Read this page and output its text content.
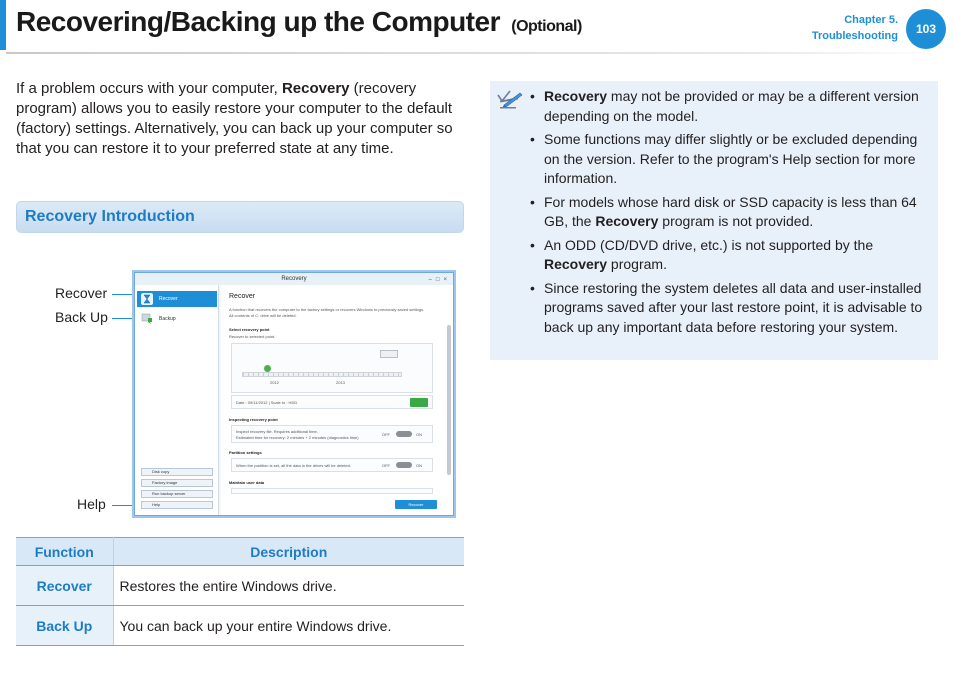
Recovering/Backing up the Computer (Optional)	Chapter 5.
Troubleshooting	103

If a problem occurs with your computer, Recovery (recovery program) allows you to easily restore your computer to the default (factory) settings. Alternatively, you can back up your computer so that you can restore it to your preferred state at any time.

Recovery Introduction
Recover
Back Up
Help
Recovery	–□×
Recover
Backup
Disk copy
Factory image
Run backup server
Help
Recover
A function that recovers the computer to the factory settings or recovers Windows to previously saved settings.
All contents of C: drive will be deleted.
Select recovery point
Recover to selected point.
2012	2013
Date : 09/11/2012 | Scale to : HDD
Inspecting recovery point
Inspect recovery file. Requires additional time.
Estimated time for recovery: 2 minutes + 2 minutes (diagnostics time)
OFF	ON
Partition settings
When the partition is set, all the data in the drives will be deleted.	OFF	ON
Maintain user data
Recover
Function	Description
Recover	Restores the entire Windows drive.
Back Up	You can back up your entire Windows drive.
• Recovery may not be provided or may be a different version depending on the model.
• Some functions may differ slightly or be excluded depending on the version. Refer to the program's Help section for more information.
• For models whose hard disk or SSD capacity is less than 64 GB, the Recovery program is not provided.
• An ODD (CD/DVD drive, etc.) is not supported by the Recovery program.
• Since restoring the system deletes all data and user-installed programs saved after your last restore point, it is advisable to back up any important data before restoring your system.
